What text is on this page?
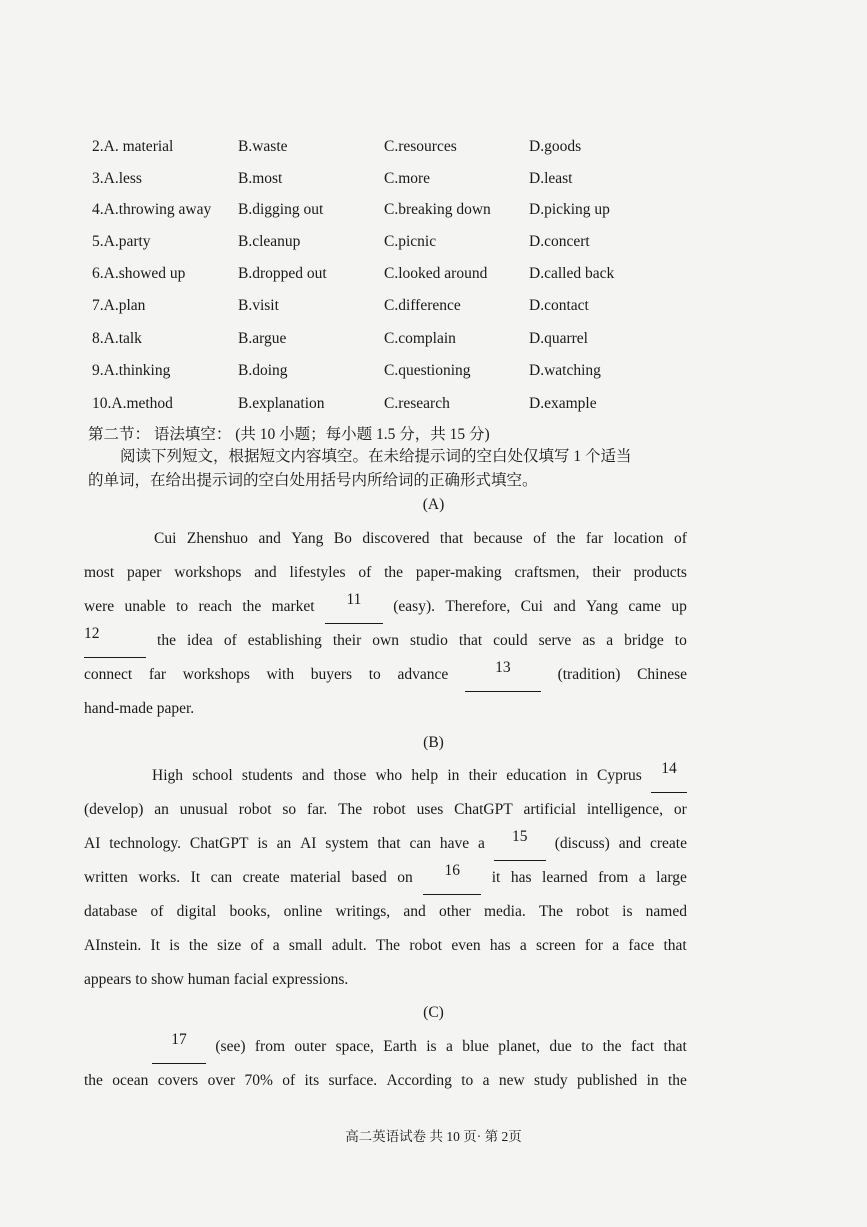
2.A. material	B.waste	C.resources	D.goods
3.A.less	B.most	C.more	D.least
4.A.throwing away B.digging out	C.breaking down D.picking up
5.A.party	B.cleanup	C.picnic	D.concert
6.A.showed up	B.dropped out	C.looked around	D.called back
7.A.plan	B.visit	C.difference	D.contact
8.A.talk	B.argue	C.complain	D.quarrel
9.A.thinking	B.doing	C.questioning	D.watching
10.A.method	B.explanation	C.research	D.example
第二节： 语法填空： (共 10 小题；每小题 1.5 分，共 15 分)
阅读下列短文，根据短文内容填空。在未给提示词的空白处仅填写 1 个适当
的单词，在给出提示词的空白处用括号内所给词的正确形式填空。
(A)
Cui Zhenshuo and Yang Bo discovered that because of the far location of
most paper workshops and lifestyles of the paper-making craftsmen, their products
were unable to reach the market	11	(easy). Therefore, Cui and Yang came up
12	the idea of establishing their own studio that could serve as a bridge to
connect far workshops with buyers to advance	13	(tradition) Chinese
hand-made paper.
(B)
High school students and those who help in their education in Cyprus	14
(develop) an unusual robot so far. The robot uses ChatGPT artificial intelligence, or
AI technology. ChatGPT is an AI system that can have a	15	(discuss) and create
written works. It can create material based on	16	it has learned from a large
database of digital books, online writings, and other media. The robot is named
AInstein. It is the size of a small adult. The robot even has a screen for a face that
appears to show human facial expressions.
(C)
17	(see) from outer space, Earth is a blue planet, due to the fact that
the ocean covers over 70% of its surface. According to a new study published in the
高二英语试卷 共 10 页· 第 2页
